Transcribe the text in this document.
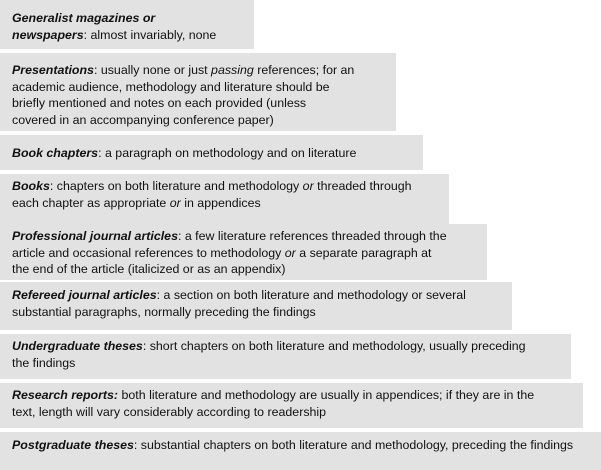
Generalist magazines or
newspapers: almost invariably, none
Presentations: usually none or just passing references; for an
academic audience, methodology and literature should be
briefly mentioned and notes on each provided (unless
covered in an accompanying conference paper)
Book chapters: a paragraph on methodology and on literature
Books: chapters on both literature and methodology or threaded through
each chapter as appropriate or in appendices
Professional journal articles: a few literature references threaded through the
article and occasional references to methodology or a separate paragraph at
the end of the article (italicized or as an appendix)
Refereed journal articles: a section on both literature and methodology or several
substantial paragraphs, normally preceding the findings
Undergraduate theses: short chapters on both literature and methodology, usually preceding
the findings
Research reports: both literature and methodology are usually in appendices; if they are in the
text, length will vary considerably according to readership
Postgraduate theses: substantial chapters on both literature and methodology, preceding the findings
